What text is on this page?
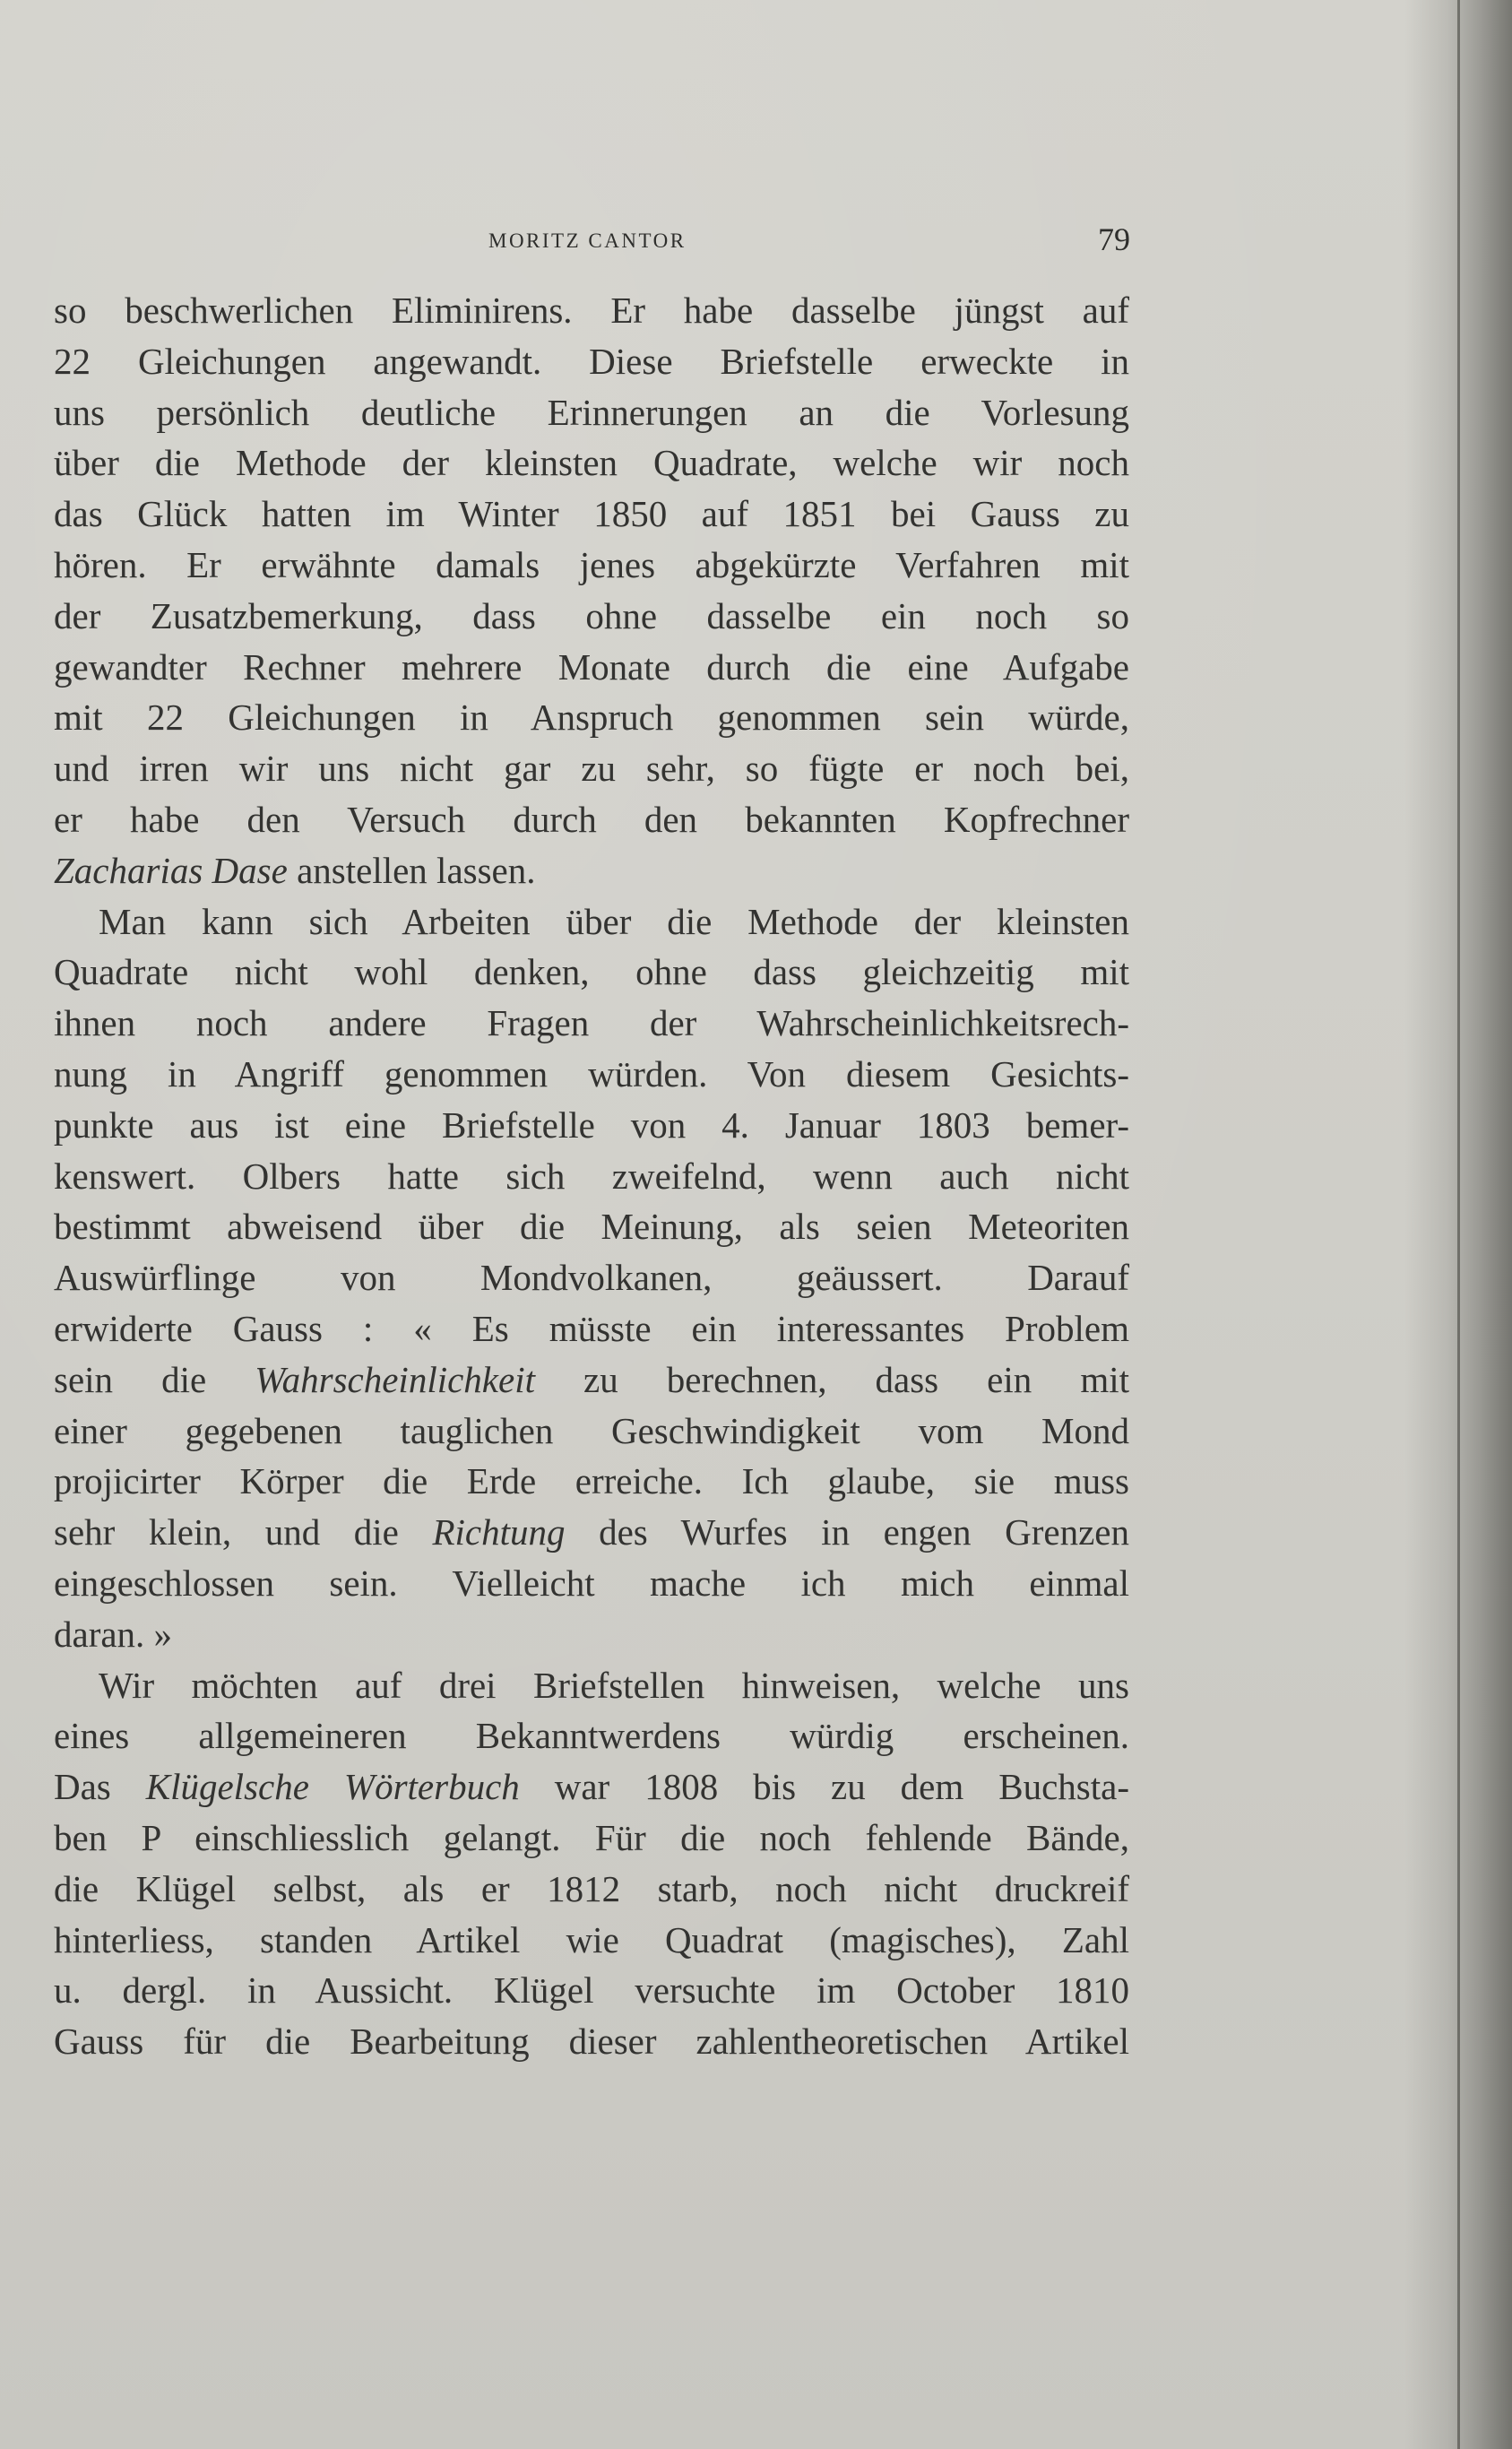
MORITZ CANTOR	79
so beschwerlichen Eliminirens. Er habe dasselbe jüngst auf
22 Gleichungen angewandt. Diese Briefstelle erweckte in
uns persönlich deutliche Erinnerungen an die Vorlesung
über die Methode der kleinsten Quadrate, welche wir noch
das Glück hatten im Winter 1850 auf 1851 bei Gauss zu
hören. Er erwähnte damals jenes abgekürzte Verfahren mit
der Zusatzbemerkung, dass ohne dasselbe ein noch so
gewandter Rechner mehrere Monate durch die eine Aufgabe
mit 22 Gleichungen in Anspruch genommen sein würde,
und irren wir uns nicht gar zu sehr, so fügte er noch bei,
er habe den Versuch durch den bekannten Kopfrechner
Zacharias Dase anstellen lassen.
Man kann sich Arbeiten über die Methode der kleinsten
Quadrate nicht wohl denken, ohne dass gleichzeitig mit
ihnen noch andere Fragen der Wahrscheinlichkeitsrech-
nung in Angriff genommen würden. Von diesem Gesichts-
punkte aus ist eine Briefstelle von 4. Januar 1803 bemer-
kenswert. Olbers hatte sich zweifelnd, wenn auch nicht
bestimmt abweisend über die Meinung, als seien Meteoriten
Auswürflinge von Mondvolkanen, geäussert. Darauf
erwiderte Gauss : « Es müsste ein interessantes Problem
sein die Wahrscheinlichkeit zu berechnen, dass ein mit
einer gegebenen tauglichen Geschwindigkeit vom Mond
projicirter Körper die Erde erreiche. Ich glaube, sie muss
sehr klein, und die Richtung des Wurfes in engen Grenzen
eingeschlossen sein. Vielleicht mache ich mich einmal
daran. »
Wir möchten auf drei Briefstellen hinweisen, welche uns
eines allgemeineren Bekanntwerdens würdig erscheinen.
Das Klügelsche Wörterbuch war 1808 bis zu dem Buchsta-
ben P einschliesslich gelangt. Für die noch fehlende Bände,
die Klügel selbst, als er 1812 starb, noch nicht druckreif
hinterliess, standen Artikel wie Quadrat (magisches), Zahl
u. dergl. in Aussicht. Klügel versuchte im October 1810
Gauss für die Bearbeitung dieser zahlentheoretischen Artikel
